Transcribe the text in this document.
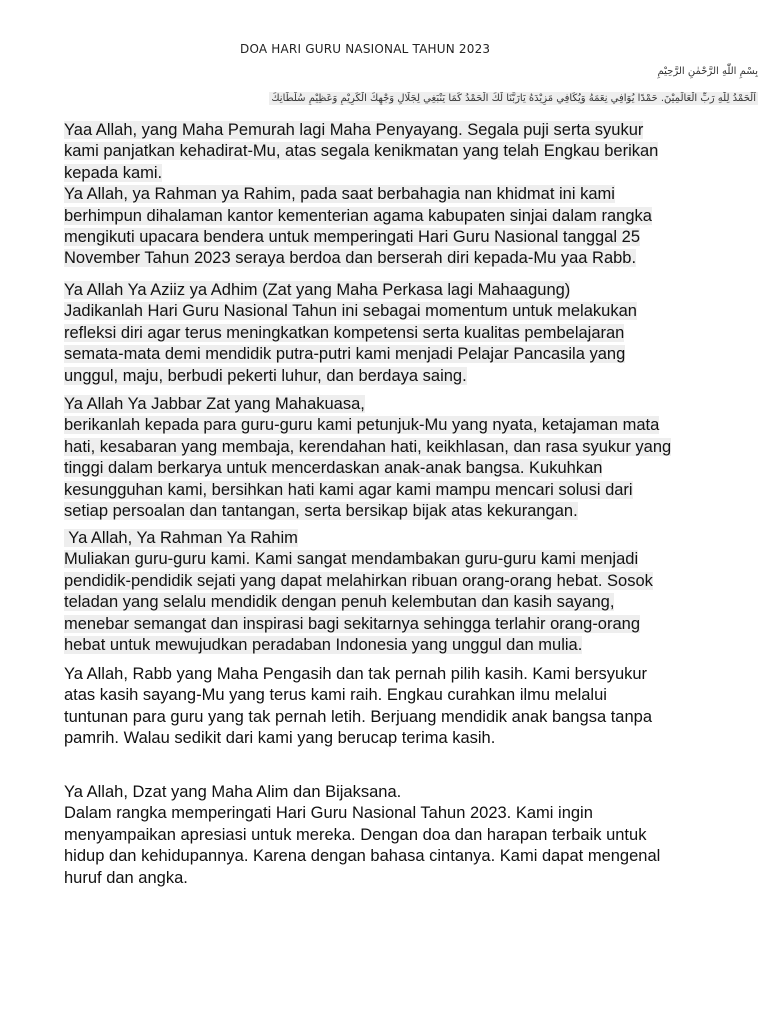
DOA HARI GURU NASIONAL TAHUN 2023
بِسْمِ اللّٰهِ الرَّحْمٰنِ الرَّحِيْمِ
اَلْحَمْدُ لِلّٰهِ رَبِّ الْعَالَمِيْنَ. حَمْدًا يُوَافِي نِعَمَهُ وَيُكَافِي مَزِيْدَهُ يَارَبَّنَا لَكَ الْحَمْدُ كَمَا يَنْبَغِي لِجَلَالِ وَجْهِكَ الْكَرِيْمِ وَعَظِيْمِ سُلْطَانِكَ

Yaa Allah, yang Maha Pemurah lagi Maha Penyayang. Segala puji serta syukur

kami panjatkan kehadirat-Mu, atas segala kenikmatan yang telah Engkau berikan

kepada kami.

Ya Allah, ya Rahman ya Rahim, pada saat berbahagia nan khidmat ini kami

berhimpun dihalaman kantor kementerian agama kabupaten sinjai dalam rangka

mengikuti upacara bendera untuk memperingati Hari Guru Nasional tanggal 25

November Tahun 2023 seraya berdoa dan berserah diri kepada-Mu yaa Rabb.

Ya Allah Ya Aziiz ya Adhim (Zat yang Maha Perkasa lagi Mahaagung)

Jadikanlah Hari Guru Nasional Tahun ini sebagai momentum untuk melakukan

refleksi diri agar terus meningkatkan kompetensi serta kualitas pembelajaran

semata-mata demi mendidik putra-putri kami menjadi Pelajar Pancasila yang

unggul, maju, berbudi pekerti luhur, dan berdaya saing.

Ya Allah Ya Jabbar Zat yang Mahakuasa,

berikanlah kepada para guru-guru kami petunjuk-Mu yang nyata, ketajaman mata

hati, kesabaran yang membaja, kerendahan hati, keikhlasan, dan rasa syukur yang

tinggi dalam berkarya untuk mencerdaskan anak-anak bangsa. Kukuhkan

kesungguhan kami, bersihkan hati kami agar kami mampu mencari solusi dari

setiap persoalan dan tantangan, serta bersikap bijak atas kekurangan.

Ya Allah, Ya Rahman Ya Rahim

Muliakan guru-guru kami. Kami sangat mendambakan guru-guru kami menjadi

pendidik-pendidik sejati yang dapat melahirkan ribuan orang-orang hebat. Sosok

teladan yang selalu mendidik dengan penuh kelembutan dan kasih sayang,

menebar semangat dan inspirasi bagi sekitarnya sehingga terlahir orang-orang

hebat untuk mewujudkan peradaban Indonesia yang unggul dan mulia.

Ya Allah, Rabb yang Maha Pengasih dan tak pernah pilih kasih. Kami bersyukur

atas kasih sayang-Mu yang terus kami raih. Engkau curahkan ilmu melalui

tuntunan para guru yang tak pernah letih. Berjuang mendidik anak bangsa tanpa

pamrih. Walau sedikit dari kami yang berucap terima kasih.

Ya Allah, Dzat yang Maha Alim dan Bijaksana.

Dalam rangka memperingati Hari Guru Nasional Tahun 2023. Kami ingin

menyampaikan apresiasi untuk mereka. Dengan doa dan harapan terbaik untuk

hidup dan kehidupannya. Karena dengan bahasa cintanya. Kami dapat mengenal

huruf dan angka.
